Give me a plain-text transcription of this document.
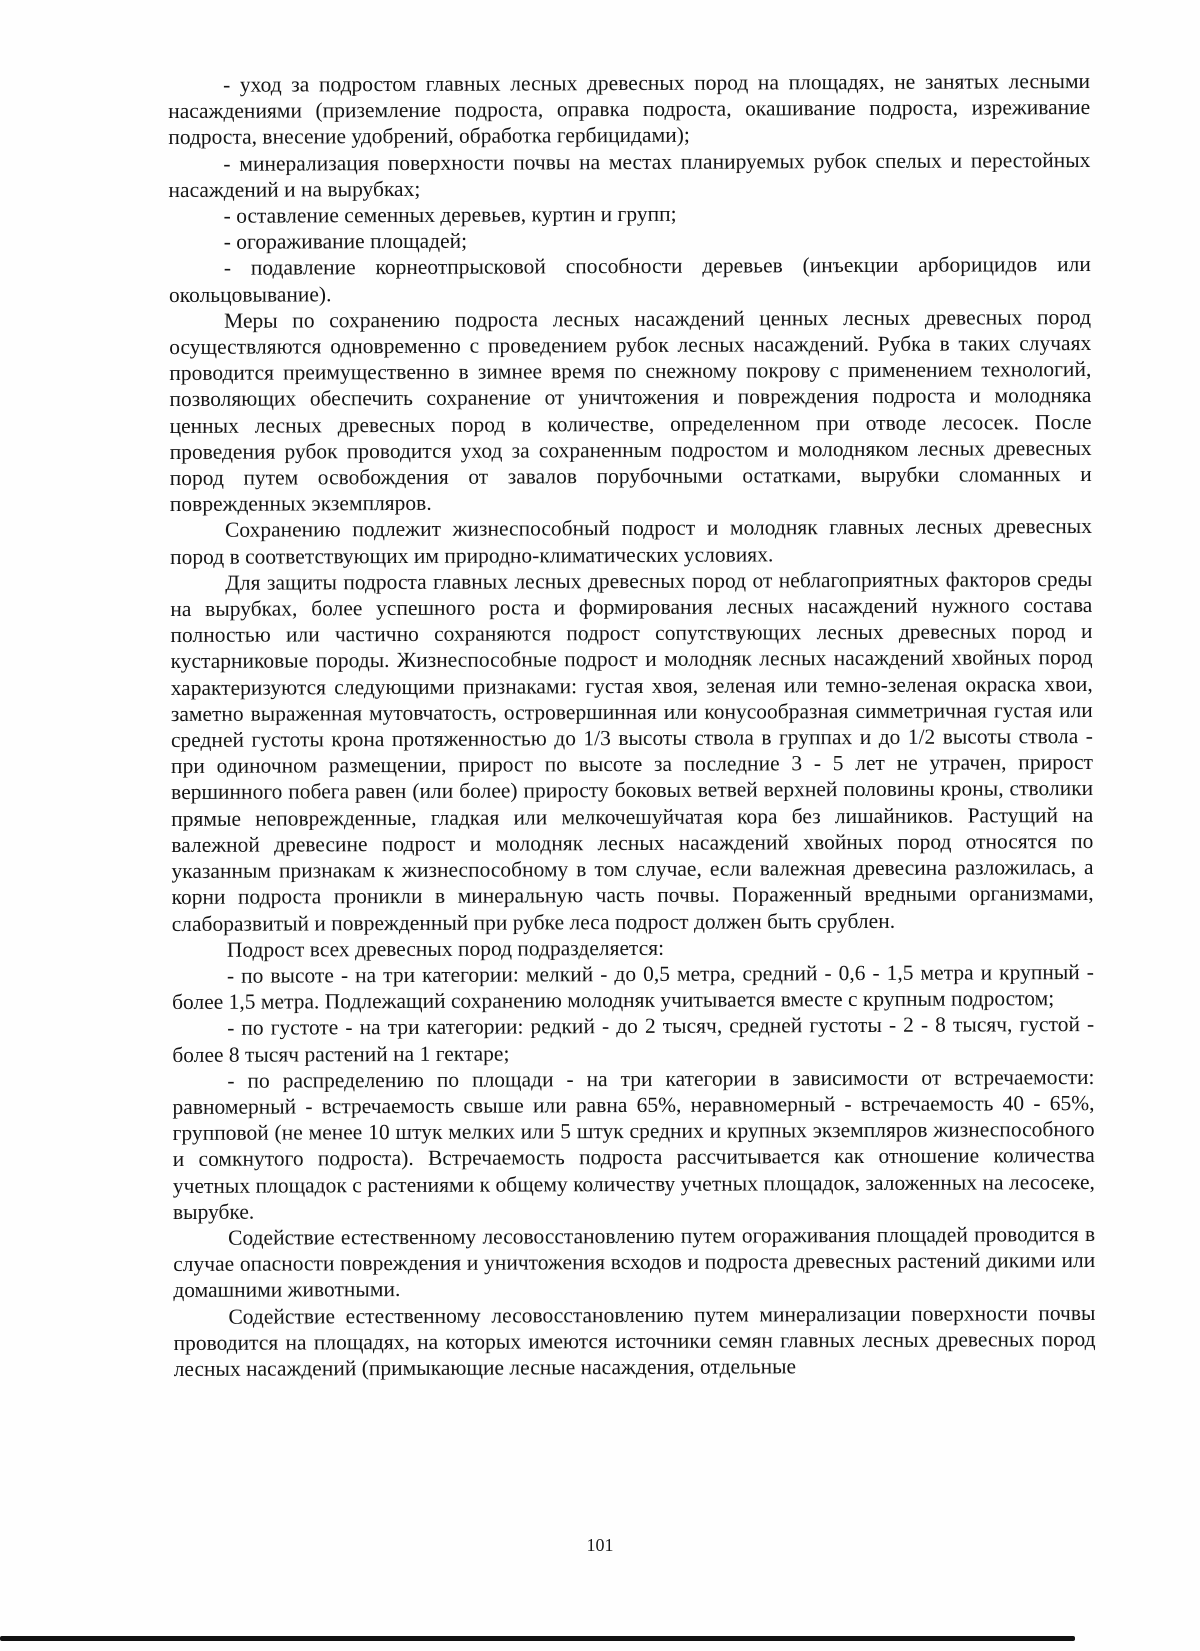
- уход за подростом главных лесных древесных пород на площадях, не занятых лесными насаждениями (приземление подроста, оправка подроста, окашивание подроста, изреживание подроста, внесение удобрений, обработка гербицидами);

- минерализация поверхности почвы на местах планируемых рубок спелых и перестойных насаждений и на вырубках;

- оставление семенных деревьев, куртин и групп;

- огораживание площадей;

- подавление корнеотпрысковой способности деревьев (инъекции арборицидов или окольцовывание).

Меры по сохранению подроста лесных насаждений ценных лесных древесных пород осуществляются одновременно с проведением рубок лесных насаждений. Рубка в таких случаях проводится преимущественно в зимнее время по снежному покрову с применением технологий, позволяющих обеспечить сохранение от уничтожения и повреждения подроста и молодняка ценных лесных древесных пород в количестве, определенном при отводе лесосек. После проведения рубок проводится уход за сохраненным подростом и молодняком лесных древесных пород путем освобождения от завалов порубочными остатками, вырубки сломанных и поврежденных экземпляров.

Сохранению подлежит жизнеспособный подрост и молодняк главных лесных древесных пород в соответствующих им природно-климатических условиях.

Для защиты подроста главных лесных древесных пород от неблагоприятных факторов среды на вырубках, более успешного роста и формирования лесных насаждений нужного состава полностью или частично сохраняются подрост сопутствующих лесных древесных пород и кустарниковые породы. Жизнеспособные подрост и молодняк лесных насаждений хвойных пород характеризуются следующими признаками: густая хвоя, зеленая или темно-зеленая окраска хвои, заметно выраженная мутовчатость, островершинная или конусообразная симметричная густая или средней густоты крона протяженностью до 1/3 высоты ствола в группах и до 1/2 высоты ствола - при одиночном размещении, прирост по высоте за последние 3 - 5 лет не утрачен, прирост вершинного побега равен (или более) приросту боковых ветвей верхней половины кроны, стволики прямые неповрежденные, гладкая или мелкочешуйчатая кора без лишайников. Растущий на валежной древесине подрост и молодняк лесных насаждений хвойных пород относятся по указанным признакам к жизнеспособному в том случае, если валежная древесина разложилась, а корни подроста проникли в минеральную часть почвы. Пораженный вредными организмами, слаборазвитый и поврежденный при рубке леса подрост должен быть срублен.

Подрост всех древесных пород подразделяется:

- по высоте - на три категории: мелкий - до 0,5 метра, средний - 0,6 - 1,5 метра и крупный - более 1,5 метра. Подлежащий сохранению молодняк учитывается вместе с крупным подростом;

- по густоте - на три категории: редкий - до 2 тысяч, средней густоты - 2 - 8 тысяч, густой - более 8 тысяч растений на 1 гектаре;

- по распределению по площади - на три категории в зависимости от встречаемости: равномерный - встречаемость свыше или равна 65%, неравномерный - встречаемость 40 - 65%, групповой (не менее 10 штук мелких или 5 штук средних и крупных экземпляров жизнеспособного и сомкнутого подроста). Встречаемость подроста рассчитывается как отношение количества учетных площадок с растениями к общему количеству учетных площадок, заложенных на лесосеке, вырубке.

Содействие естественному лесовосстановлению путем огораживания площадей проводится в случае опасности повреждения и уничтожения всходов и подроста древесных растений дикими или домашними животными.

Содействие естественному лесовосстановлению путем минерализации поверхности почвы проводится на площадях, на которых имеются источники семян главных лесных древесных пород лесных насаждений (примыкающие лесные насаждения, отдельные

101
